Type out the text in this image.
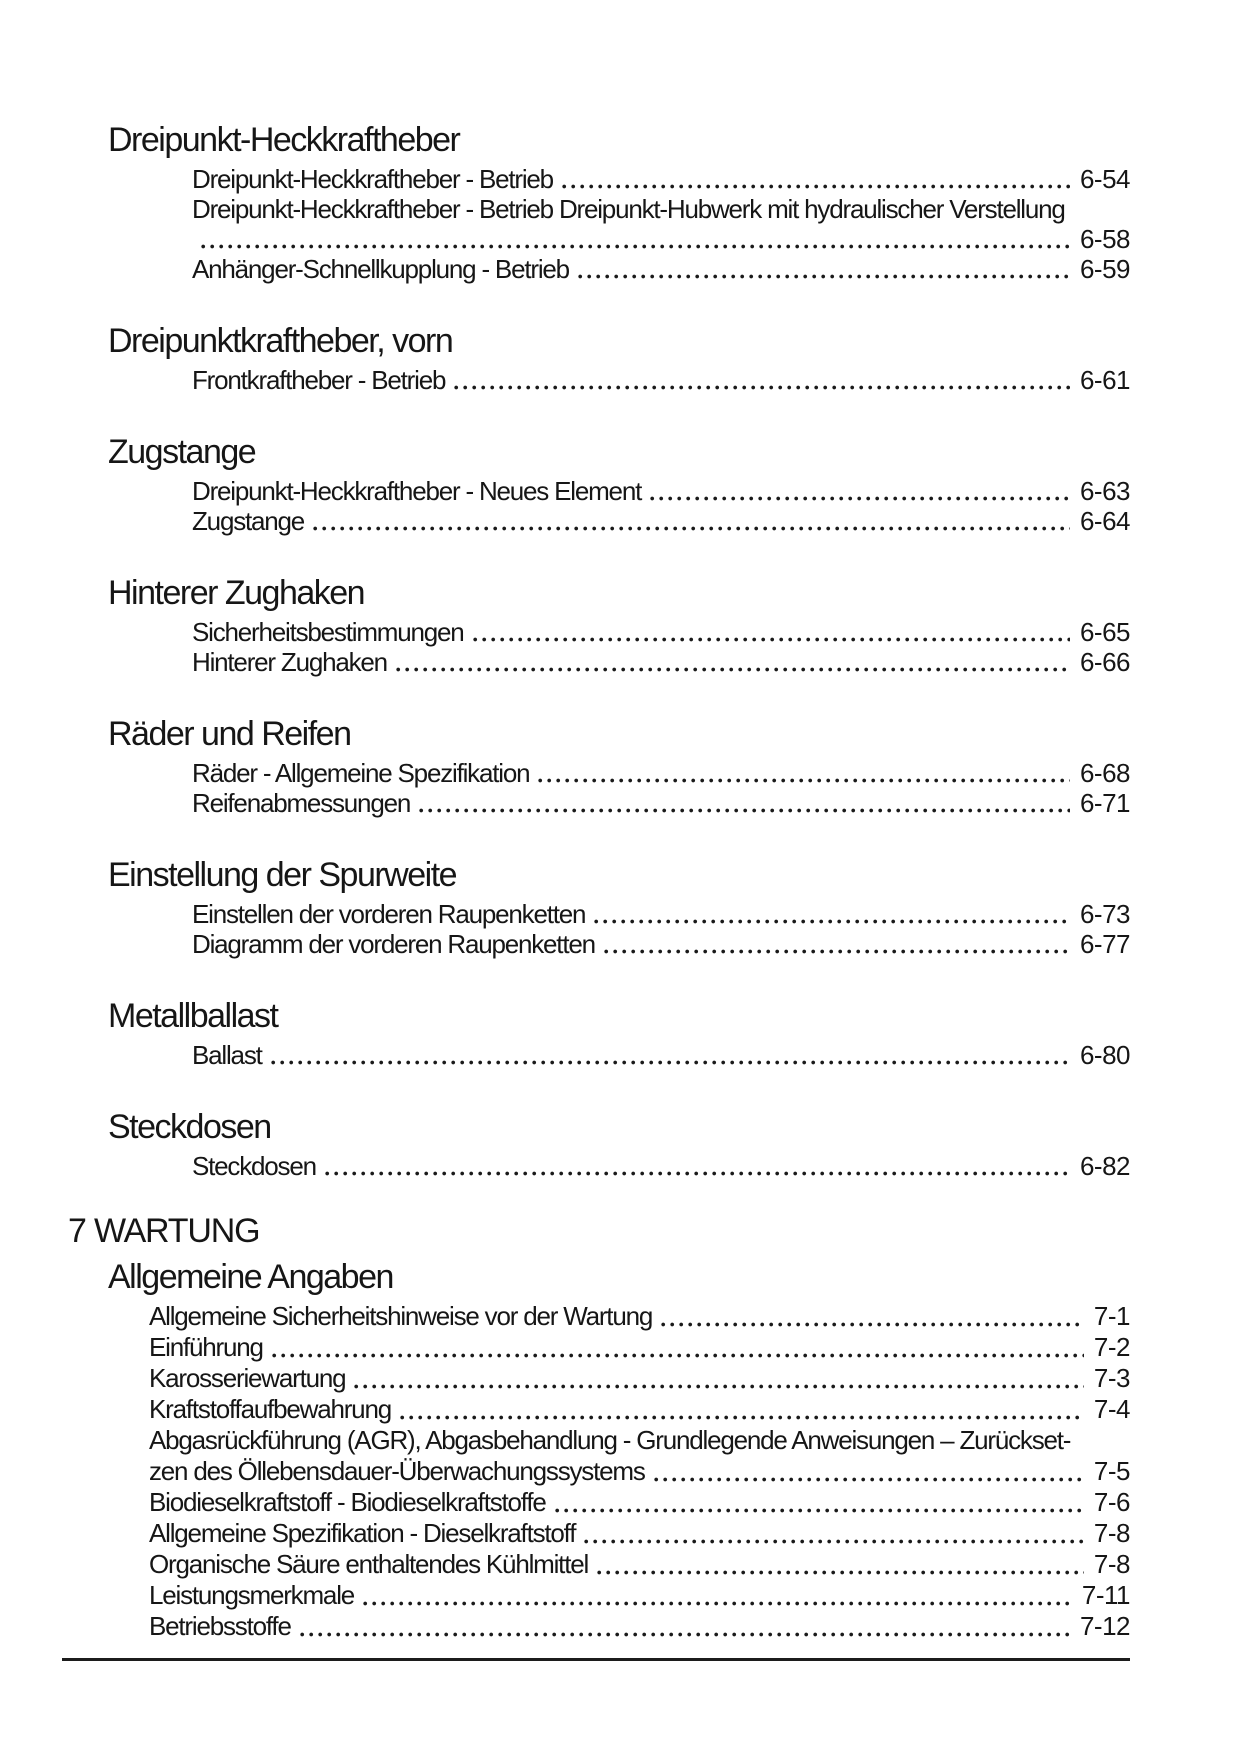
Dreipunkt-Heckkraftheber
Dreipunkt-Heckkraftheber - Betrieb	6-54
Dreipunkt-Heckkraftheber - Betrieb Dreipunkt-Hubwerk mit hydraulischer Verstellung
6-58
Anhänger-Schnellkupplung - Betrieb	6-59
Dreipunktkraftheber, vorn
Frontkraftheber - Betrieb	6-61
Zugstange
Dreipunkt-Heckkraftheber - Neues Element	6-63
Zugstange	6-64
Hinterer Zughaken
Sicherheitsbestimmungen	6-65
Hinterer Zughaken	6-66
Räder und Reifen
Räder - Allgemeine Spezifikation	6-68
Reifenabmessungen	6-71
Einstellung der Spurweite
Einstellen der vorderen Raupenketten	6-73
Diagramm der vorderen Raupenketten	6-77
Metallballast
Ballast	6-80
Steckdosen
Steckdosen	6-82
7 WARTUNG
Allgemeine Angaben
Allgemeine Sicherheitshinweise vor der Wartung	7-1
Einführung	7-2
Karosseriewartung	7-3
Kraftstoffaufbewahrung	7-4
Abgasrückführung (AGR), Abgasbehandlung - Grundlegende Anweisungen – Zurückset-
zen des Öllebensdauer-Überwachungssystems	7-5
Biodieselkraftstoff - Biodieselkraftstoffe	7-6
Allgemeine Spezifikation - Dieselkraftstoff	7-8
Organische Säure enthaltendes Kühlmittel	7-8
Leistungsmerkmale	7-11
Betriebsstoffe	7-12
